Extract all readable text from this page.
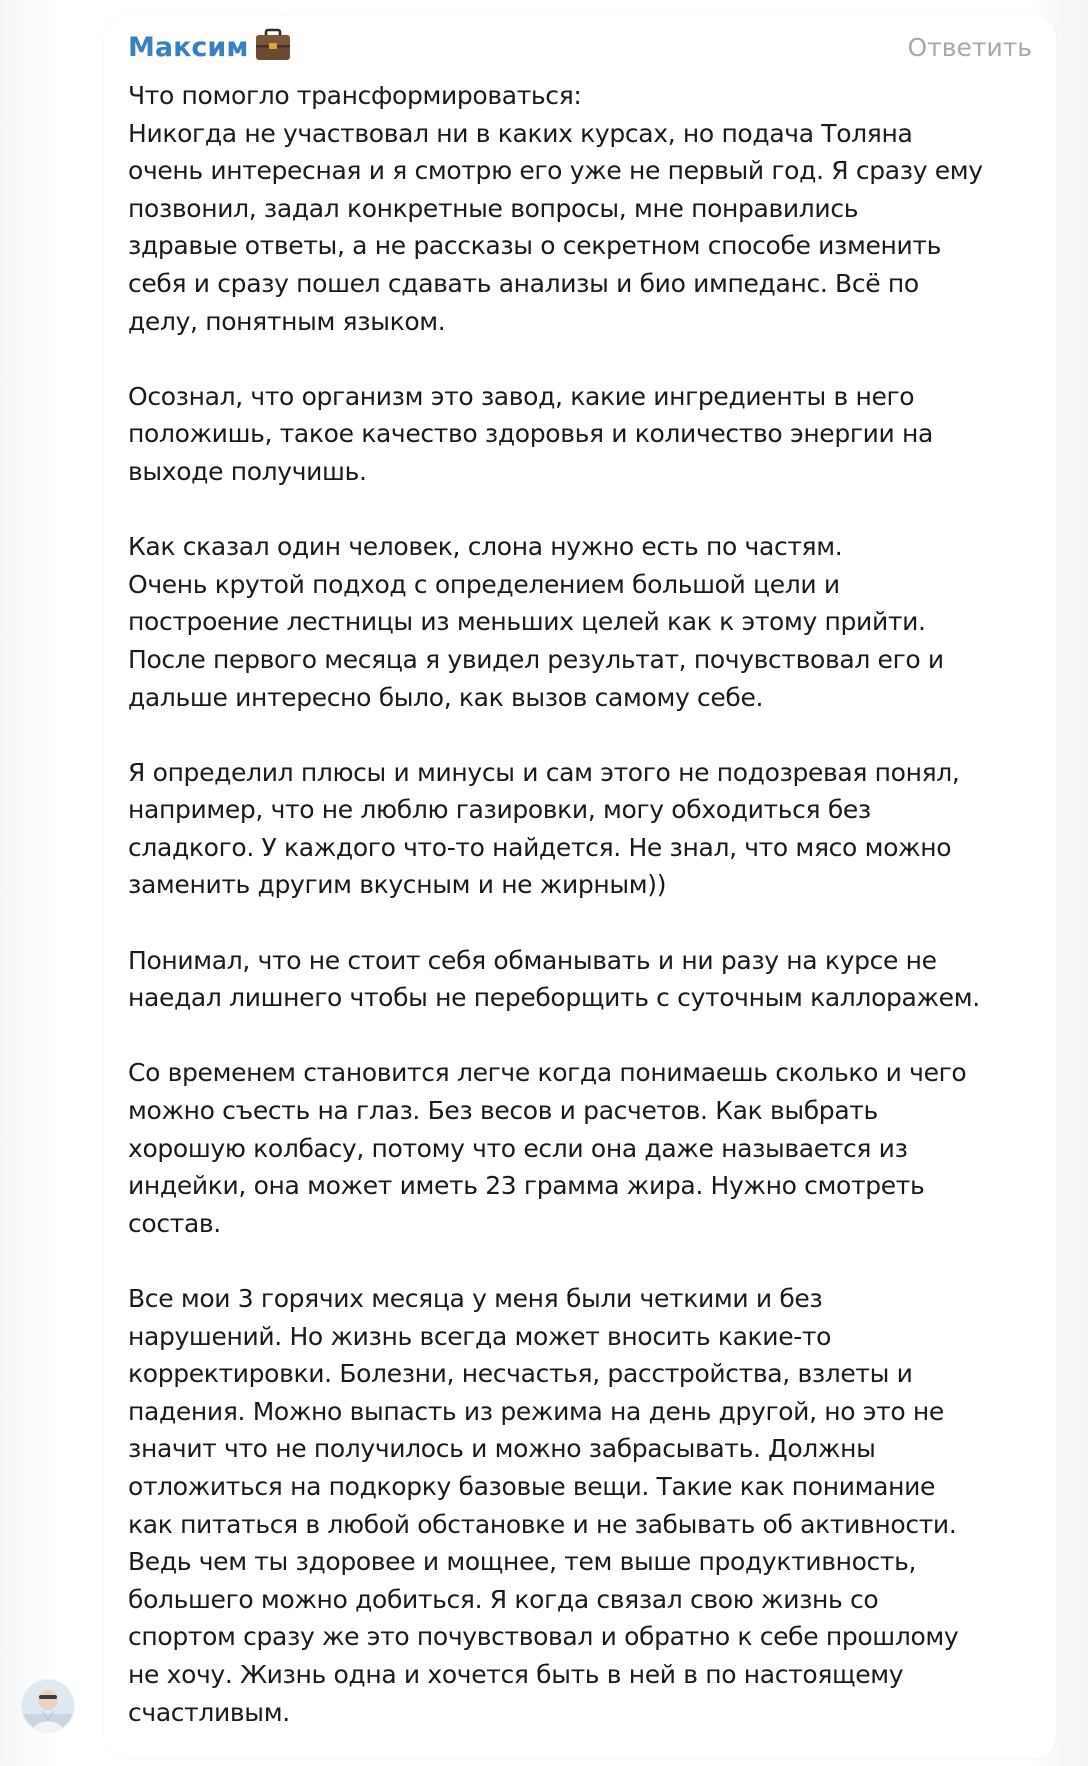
Максим	Ответить
Что помогло трансформироваться:
Никогда не участвовал ни в каких курсах, но подача Толяна
очень интересная и я смотрю его уже не первый год. Я сразу ему
позвонил, задал конкретные вопросы, мне понравились
здравые ответы, а не рассказы о секретном способе изменить
себя и сразу пошел сдавать анализы и био импеданс. Всё по
делу, понятным языком.
Осознал, что организм это завод, какие ингредиенты в него
положишь, такое качество здоровья и количество энергии на
выходе получишь.
Как сказал один человек, слона нужно есть по частям.
Очень крутой подход с определением большой цели и
построение лестницы из меньших целей как к этому прийти.
После первого месяца я увидел результат, почувствовал его и
дальше интересно было, как вызов самому себе.
Я определил плюсы и минусы и сам этого не подозревая понял,
например, что не люблю газировки, могу обходиться без
сладкого. У каждого что-то найдется. Не знал, что мясо можно
заменить другим вкусным и не жирным))
Понимал, что не стоит себя обманывать и ни разу на курсе не
наедал лишнего чтобы не переборщить с суточным каллоражем.
Со временем становится легче когда понимаешь сколько и чего
можно съесть на глаз. Без весов и расчетов. Как выбрать
хорошую колбасу, потому что если она даже называется из
индейки, она может иметь 23 грамма жира. Нужно смотреть
состав.
Все мои 3 горячих месяца у меня были четкими и без
нарушений. Но жизнь всегда может вносить какие-то
корректировки. Болезни, несчастья, расстройства, взлеты и
падения. Можно выпасть из режима на день другой, но это не
значит что не получилось и можно забрасывать. Должны
отложиться на подкорку базовые вещи. Такие как понимание
как питаться в любой обстановке и не забывать об активности.
Ведь чем ты здоровее и мощнее, тем выше продуктивность,
большего можно добиться. Я когда связал свою жизнь со
спортом сразу же это почувствовал и обратно к себе прошлому
не хочу. Жизнь одна и хочется быть в ней в по настоящему
счастливым.
